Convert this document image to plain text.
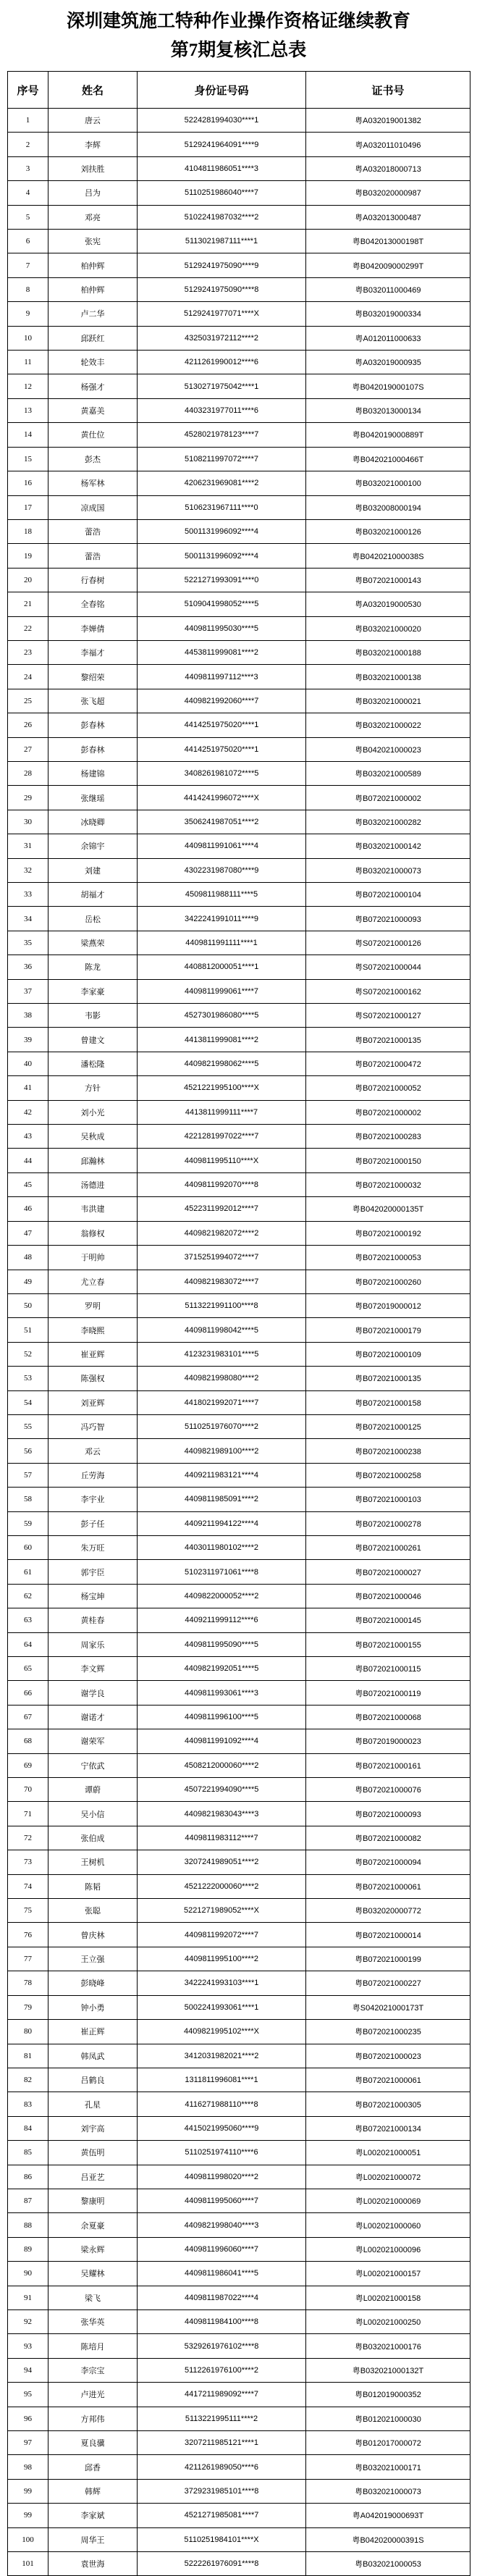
深圳建筑施工特种作业操作资格证继续教育
第7期复核汇总表
序号	姓名	身份证号码	证书号
1	唐云	5224281994030****1	粤A032019001382
2	李辉	5129241964091****9	粤A032011010496
3	刘扶胜	4104811986051****3	粤A032018000713
4	吕为	5110251986040****7	粤B032020000987
5	邓亮	5102241987032****2	粤A032013000487
6	张宪	5113021987111****1	粤B042013000198T
7	柏仲辉	5129241975090****9	粤B042009000299T
8	柏仲辉	5129241975090****8	粤B032011000469
9	卢二华	5129241977071****X	粤B032019000334
10	邱跃红	4325031972112****2	粤A012011000633
11	轮效丰	4211261990012****6	粤A032019000935
12	杨强才	5130271975042****1	粤B042019000107S
13	黄嘉美	4403231977011****6	粤B032013000134
14	黄仕位	4528021978123****7	粤B042019000889T
15	彭杰	5108211997072****7	粤B042021000466T
16	杨军林	4206231969081****2	粤B032021000100
17	凉成国	5106231967111****0	粤B032008000194
18	蕾浩	5001131996092****4	粤B032021000126
19	蕾浩	5001131996092****4	粤B042021000038S
20	行春树	5221271993091****0	粤B072021000143
21	全春铭	5109041998052****5	粤A032019000530
22	李婵倩	4409811995030****5	粤B032021000020
23	李福才	4453811999081****2	粤B032021000188
24	黎绍荣	4409811997112****3	粤B032021000138
25	张飞超	4409821992060****7	粤B032021000021
26	彭春林	4414251975020****1	粤B032021000022
27	彭春林	4414251975020****1	粤B042021000023
28	杨建锦	3408261981072****5	粤B032021000589
29	张继瑶	4414241996072****X	粤B072021000002
30	冰晓卿	3506241987051****2	粤B032021000282
31	余锦宇	4409811991061****4	粤B032021000142
32	刘建	4302231987080****9	粤B032021000073
33	胡福才	4509811988111****5	粤B072021000104
34	岳松	3422241991011****9	粤B072021000093
35	梁燕荣	4409811991111****1	粤S072021000126
36	陈龙	4408812000051****1	粤S072021000044
37	李家豪	4409811999061****7	粤S072021000162
38	韦影	4527301986080****5	粤S072021000127
39	曾建文	4413811999081****2	粤B072021000135
40	潘松隆	4409821998062****5	粤B072021000472
41	方针	4521221995100****X	粤B072021000052
42	刘小光	4413811999111****7	粤B072021000002
43	吴秋成	4221281997022****7	粤B072021000283
44	邱瀚林	4409811995110****X	粤B072021000150
45	汤德进	4409811992070****8	粤B072021000032
46	韦洪建	4522311992012****7	粤B042020000135T
47	翁修权	4409821982072****2	粤B072021000192
48	于明帅	3715251994072****7	粤B072021000053
49	尤立春	4409821983072****7	粤B072021000260
50	罗明	5113221991100****8	粤B072019000012
51	李晓熙	4409811998042****5	粤B072021000179
52	崔亚辉	4123231983101****5	粤B072021000109
53	陈强权	4409821998080****2	粤B072021000135
54	刘亚辉	4418021992071****7	粤B072021000158
55	冯巧智	5110251976070****2	粤B072021000125
56	邓云	4409821989100****2	粤B072021000238
57	丘劳海	4409211983121****4	粤B072021000258
58	李宇业	4409811985091****2	粤B072021000103
59	彭子任	4409211994122****4	粤B072021000278
60	朱万旺	4403011980102****2	粤B072021000261
61	郭宇臣	5102311971061****8	粤B072021000027
62	杨宝坤	4409822000052****2	粤B072021000046
63	黄桂春	4409211999112****6	粤B072021000145
64	周家乐	4409811995090****5	粤B072021000155
65	李文辉	4409821992051****5	粤B072021000115
66	谢学良	4409811993061****3	粤B072021000119
67	谢诺才	4409811996100****5	粤B072021000068
68	谢荣军	4409811991092****4	粤B072019000023
69	宁依武	4508212000060****2	粤B072021000161
70	谭蔚	4507221994090****5	粤B072021000076
71	吴小信	4409821983043****3	粤B072021000093
72	张伯成	4409811983112****7	粤B072021000082
73	王树机	3207241989051****2	粤B072021000094
74	陈韬	4521222000060****2	粤B072021000061
75	张聪	5221271989052****X	粤B032020000772
76	曾庆林	4409811992072****7	粤B072021000014
77	王立强	4409811995100****2	粤B072021000199
78	彭晓峰	3422241993103****1	粤B072021000227
79	钟小勇	5002241993061****1	粤S042021000173T
80	崔正辉	4409821995102****X	粤B072021000235
81	韩凤武	3412031982021****2	粤B072021000023
82	吕鹤良	1311811996081****1	粤B072021000061
83	孔星	4116271988110****8	粤B072021000305
84	刘宇高	4415021995060****9	粤B072021000134
85	黄伍明	5110251974110****6	粤L002021000051
86	吕亚艺	4409811998020****2	粤L002021000072
87	黎康明	4409811995060****7	粤L002021000069
88	余夏豪	4409821998040****3	粤L002021000060
89	梁永辉	4409811996060****7	粤L002021000096
90	吴耀林	4409811986041****5	粤L002021000157
91	梁飞	4409811987022****4	粤L002021000158
92	张华英	4409811984100****8	粤L002021000250
93	陈培月	5329261976102****8	粤B032021000176
94	李宗宝	5112261976100****2	粤B032021000132T
95	卢进光	4417211989092****7	粤B012019000352
96	方邦伟	5113221995111****2	粤B012021000030
97	夏良骥	3207211985121****1	粤B012017000072
98	邱香	4211261989050****6	粤B032021000171
99	韩辉	3729231985101****8	粤B032021000073
99	李家斌	4521271985081****7	粤A042019000693T
100	周华王	5110251984101****X	粤B042020000391S
101	袁世海	5222261976091****8	粤B032021000053
